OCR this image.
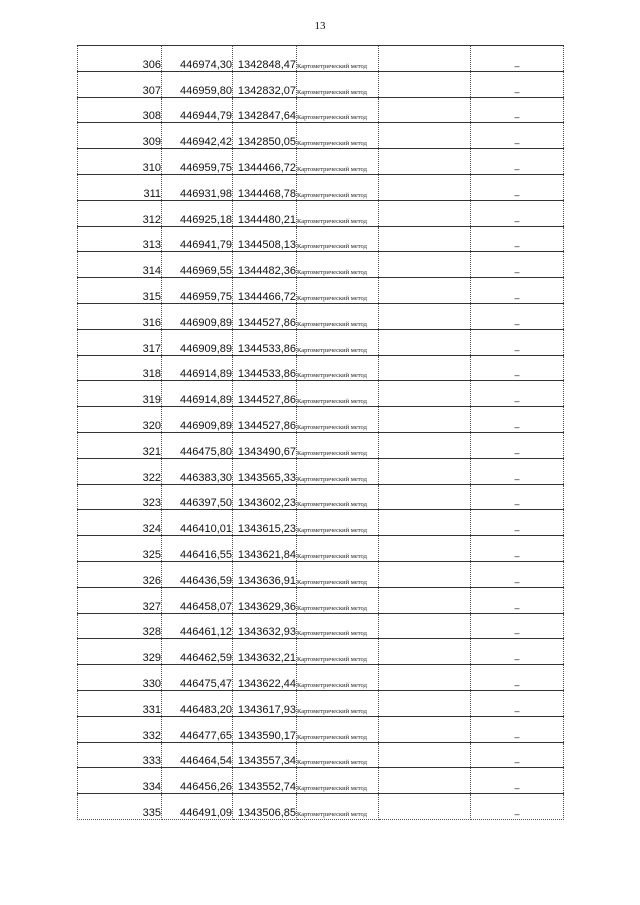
13
306	446974,30	1342848,47	Картометрический метод		–
307	446959,80	1342832,07	Картометрический метод		–
308	446944,79	1342847,64	Картометрический метод		–
309	446942,42	1342850,05	Картометрический метод		–
310	446959,75	1344466,72	Картометрический метод		–
311	446931,98	1344468,78	Картометрический метод		–
312	446925,18	1344480,21	Картометрический метод		–
313	446941,79	1344508,13	Картометрический метод		–
314	446969,55	1344482,36	Картометрический метод		–
315	446959,75	1344466,72	Картометрический метод		–
316	446909,89	1344527,86	Картометрический метод		–
317	446909,89	1344533,86	Картометрический метод		–
318	446914,89	1344533,86	Картометрический метод		–
319	446914,89	1344527,86	Картометрический метод		–
320	446909,89	1344527,86	Картометрический метод		–
321	446475,80	1343490,67	Картометрический метод		–
322	446383,30	1343565,33	Картометрический метод		–
323	446397,50	1343602,23	Картометрический метод		–
324	446410,01	1343615,23	Картометрический метод		–
325	446416,55	1343621,84	Картометрический метод		–
326	446436,59	1343636,91	Картометрический метод		–
327	446458,07	1343629,36	Картометрический метод		–
328	446461,12	1343632,93	Картометрический метод		–
329	446462,59	1343632,21	Картометрический метод		–
330	446475,47	1343622,44	Картометрический метод		–
331	446483,20	1343617,93	Картометрический метод		–
332	446477,65	1343590,17	Картометрический метод		–
333	446464,54	1343557,34	Картометрический метод		–
334	446456,26	1343552,74	Картометрический метод		–
335	446491,09	1343506,85	Картометрический метод		–
